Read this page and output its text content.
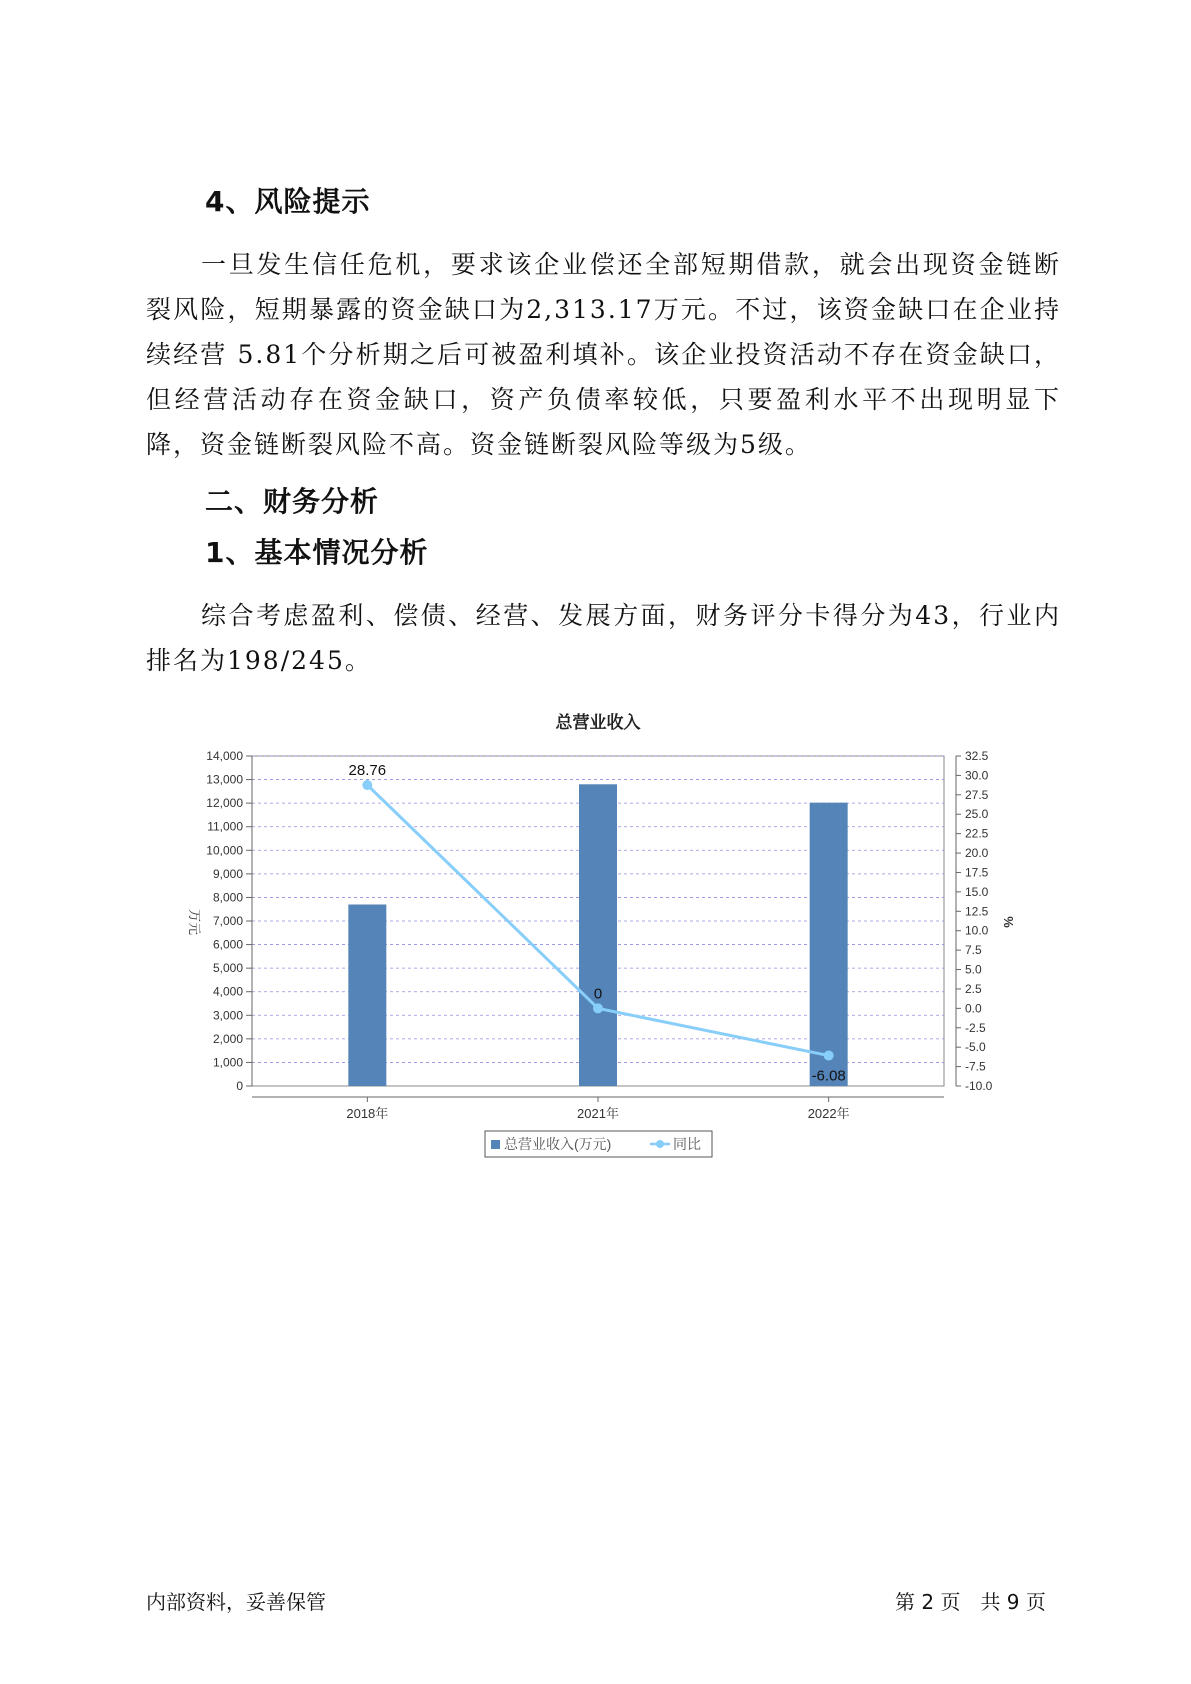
4、风险提示

一旦发生信任危机，要求该企业偿还全部短期借款，就会出现资金链断裂风险，短期暴露的资金缺口为2,313.17万元。不过，该资金缺口在企业持续经营 5.81个分析期之后可被盈利填补。该企业投资活动不存在资金缺口，但经营活动存在资金缺口，资产负债率较低，只要盈利水平不出现明显下降，资金链断裂风险不高。资金链断裂风险等级为5级。

二、财务分析
1、基本情况分析

综合考虑盈利、偿债、经营、发展方面，财务评分卡得分为43，行业内排名为198/245。

总营业收入
万元	%
0
1,000
2,000
3,000
4,000
5,000
6,000
7,000
8,000
9,000
10,000
11,000
12,000
13,000
14,000
-10.0
-7.5
-5.0
-2.5
0.0
2.5
5.0
7.5
10.0
12.5
15.0
17.5
20.0
22.5
25.0
27.5
30.0
32.5
2018年	2021年	2022年
28.76
0
-6.08
总营业收入(万元)	同比
内部资料，妥善保管	第 2 页　共 9 页
